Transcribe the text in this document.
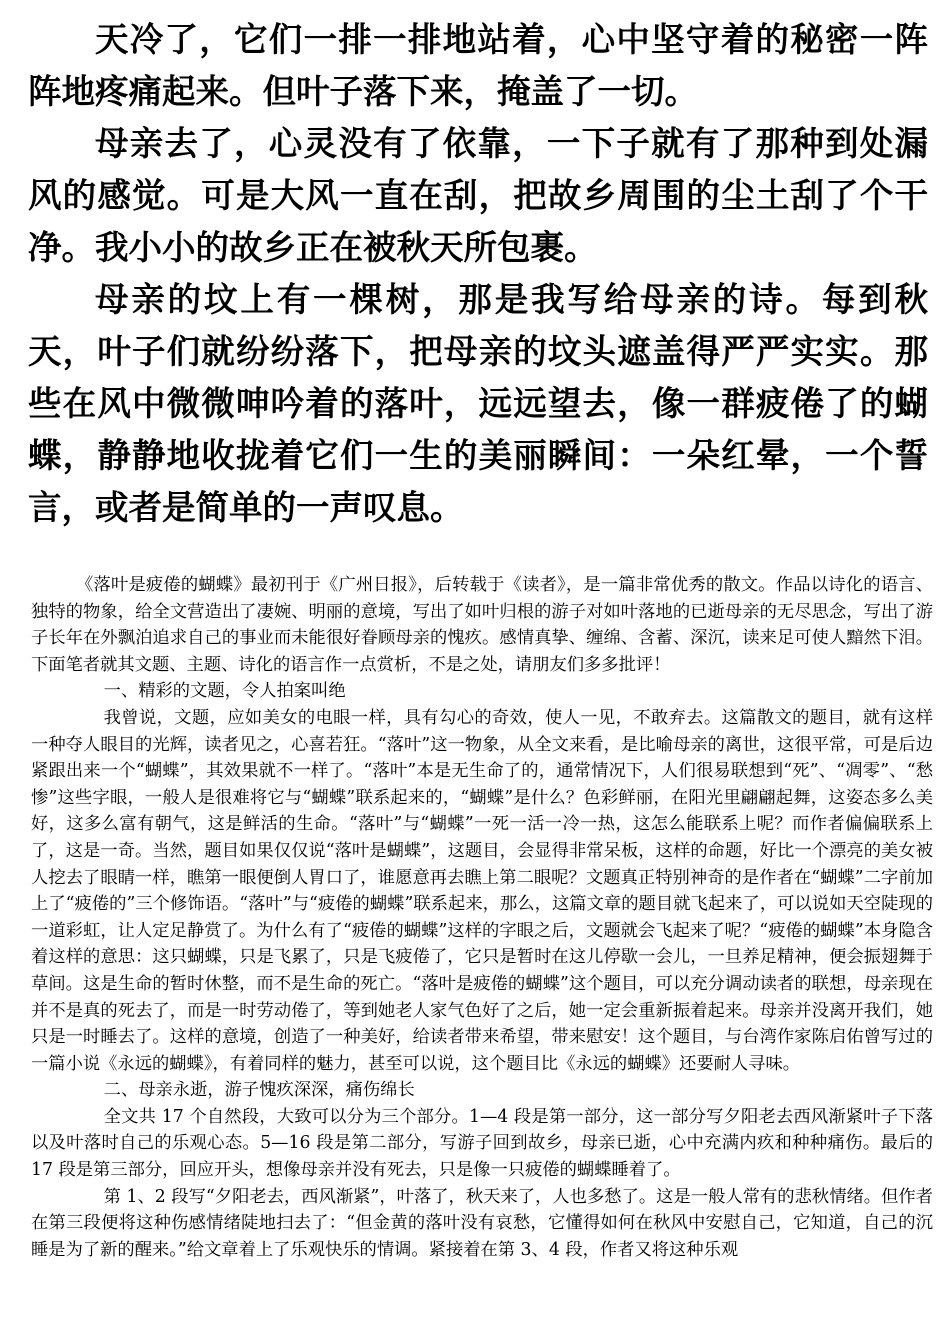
天冷了，它们一排一排地站着，心中坚守着的秘密一阵阵地疼痛起来。但叶子落下来，掩盖了一切。

母亲去了，心灵没有了依靠，一下子就有了那种到处漏风的感觉。可是大风一直在刮，把故乡周围的尘土刮了个干净。我小小的故乡正在被秋天所包裹。

母亲的坟上有一棵树，那是我写给母亲的诗。每到秋天，叶子们就纷纷落下，把母亲的坟头遮盖得严严实实。那些在风中微微呻吟着的落叶，远远望去，像一群疲倦了的蝴蝶，静静地收拢着它们一生的美丽瞬间：一朵红晕，一个誓言，或者是简单的一声叹息。

《落叶是疲倦的蝴蝶》最初刊于《广州日报》，后转载于《读者》，是一篇非常优秀的散文。作品以诗化的语言、独特的物象，给全文营造出了凄婉、明丽的意境，写出了如叶归根的游子对如叶落地的已逝母亲的无尽思念，写出了游子长年在外飘泊追求自己的事业而未能很好眷顾母亲的愧疚。感情真挚、缠绵、含蓄、深沉，读来足可使人黯然下泪。下面笔者就其文题、主题、诗化的语言作一点赏析，不是之处，请朋友们多多批评！

一、精彩的文题，令人拍案叫绝

我曾说，文题，应如美女的电眼一样，具有勾心的奇效，使人一见，不敢弃去。这篇散文的题目，就有这样一种夺人眼目的光辉，读者见之，心喜若狂。“落叶”这一物象，从全文来看，是比喻母亲的离世，这很平常，可是后边紧跟出来一个“蝴蝶”，其效果就不一样了。“落叶”本是无生命了的，通常情况下，人们很易联想到“死”、“凋零”、“愁惨”这些字眼，一般人是很难将它与“蝴蝶”联系起来的，“蝴蝶”是什么？色彩鲜丽，在阳光里翩翩起舞，这姿态多么美好，这多么富有朝气，这是鲜活的生命。“落叶”与“蝴蝶”一死一活一冷一热，这怎么能联系上呢？而作者偏偏联系上了，这是一奇。当然，题目如果仅仅说“落叶是蝴蝶”，这题目，会显得非常呆板，这样的命题，好比一个漂亮的美女被人挖去了眼睛一样，瞧第一眼便倒人胃口了，谁愿意再去瞧上第二眼呢？文题真正特别神奇的是作者在“蝴蝶”二字前加上了“疲倦的”三个修饰语。“落叶”与“疲倦的蝴蝶”联系起来，那么，这篇文章的题目就飞起来了，可以说如天空陡现的一道彩虹，让人定足静赏了。为什么有了“疲倦的蝴蝶”这样的字眼之后，文题就会飞起来了呢？“疲倦的蝴蝶”本身隐含着这样的意思：这只蝴蝶，只是飞累了，只是飞疲倦了，它只是暂时在这儿停歇一会儿，一旦养足精神，便会振翅舞于草间。这是生命的暂时休整，而不是生命的死亡。“落叶是疲倦的蝴蝶”这个题目，可以充分调动读者的联想，母亲现在并不是真的死去了，而是一时劳动倦了，等到她老人家气色好了之后，她一定会重新振着起来。母亲并没离开我们，她只是一时睡去了。这样的意境，创造了一种美好，给读者带来希望，带来慰安！这个题目，与台湾作家陈启佑曾写过的一篇小说《永远的蝴蝶》，有着同样的魅力，甚至可以说，这个题目比《永远的蝴蝶》还要耐人寻味。

二、母亲永逝，游子愧疚深深，痛伤绵长

全文共 17 个自然段，大致可以分为三个部分。1—4 段是第一部分，这一部分写夕阳老去西风渐紧叶子下落以及叶落时自己的乐观心态。5—16 段是第二部分，写游子回到故乡，母亲已逝，心中充满内疚和种种痛伤。最后的 17 段是第三部分，回应开头，想像母亲并没有死去，只是像一只疲倦的蝴蝶睡着了。

第 1、2 段写“夕阳老去，西风渐紧”，叶落了，秋天来了，人也多愁了。这是一般人常有的悲秋情绪。但作者在第三段便将这种伤感情绪陡地扫去了：“但金黄的落叶没有哀愁，它懂得如何在秋风中安慰自己，它知道，自己的沉睡是为了新的醒来。”给文章着上了乐观快乐的情调。紧接着在第 3、4 段，作者又将这种乐观
